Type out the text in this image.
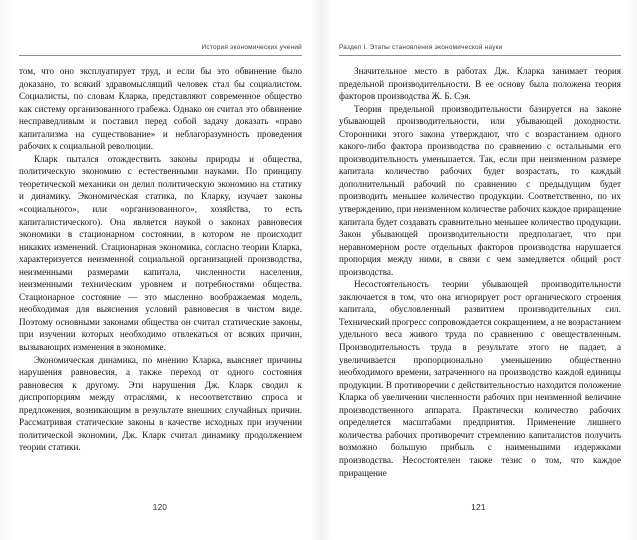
История экономических учений

том, что оно эксплуатирует труд, и если бы это обвинение было доказано, то всякий здравомыслящий человек стал бы социалистом. Социалисты, по словам Кларка, представляют современное общество как систему организованного грабежа. Однако он считал это обвинение несправедливым и поставил перед собой задачу доказать «право капитализма на существование» и неблагоразумность проведения рабочих к социальной революции.

Кларк пытался отождествить законы природы и общества, политическую экономию с естественными науками. По принципу теоретической механики он делил политическую экономию на статику и динамику. Экономическая статика, по Кларку, изучает законы «социального», или «организованного», хозяйства, то есть капиталистического). Она является наукой о законах равновесия экономики в стационарном состоянии, в котором не происходит никаких изменений. Стационарная экономика, согласно теории Кларка, характеризуется неизменной социальной организацией производства, неизменными размерами капитала, численности населения, неизменными техническим уровнем и потребностями общества. Стационарное состояние — это мысленно воображаемая модель, необходимая для выяснения условий равновесия в чистом виде. Поэтому основными законами общества он считал статические законы, при изучении которых необходимо отвлекаться от всяких причин, вызывающих изменения в экономике.

Экономическая динамика, по мнению Кларка, выясняет причины нарушения равновесия, а также переход от одного состояния равновесия к другому. Эти нарушения Дж. Кларк сводил к диспропорциям между отраслями, к несоответствию спроса и предложения, возникающим в результате внешних случайных причин. Рассматривая статические законы в качестве исходных при изучении политической экономии, Дж. Кларк считал динамику продолжением теории статики.

120
Раздел I. Этапы становления экономической науки

Значительное место в работах Дж. Кларка занимает теория предельной производительности. В ее основу была положена теория факторов производства Ж. Б. Сэя.

Теория предельной производительности базируется на законе убывающей производительности, или убывающей доходности. Сторонники этого закона утверждают, что с возрастанием одного какого-либо фактора производства по сравнению с остальными его производительность уменьшается. Так, если при неизменном размере капитала количество рабочих будет возрастать, то каждый дополнительный рабочий по сравнению с предыдущим будет производить меньшее количество продукции. Соответственно, по их утверждению, при неизменном количестве рабочих каждое приращение капитала будет создавать сравнительно меньшее количество продукции. Закон убывающей производительности предполагает, что при неравномерном росте отдельных факторов производства нарушается пропорция между ними, в связи с чем замедляется общий рост производства.

Несостоятельность теории убывающей производительности заключается в том, что она игнорирует рост органического строения капитала, обусловленный развитием производительных сил. Технический прогресс сопровождается сокращением, а не возрастанием удельного веса живого труда по сравнению с овеществленным. Производительность труда в результате этого не падает, а увеличивается пропорционально уменьшению общественно необходимого времени, затраченного на производство каждой единицы продукции. В противоречии с действительностью находится положение Кларка об увеличении численности рабочих при неизменной величине производственного аппарата. Практически количество рабочих определяется масштабами предприятия. Применение лишнего количества рабочих противоречит стремлению капиталистов получить возможно большую прибыль с наименьшими издержками производства. Несостоятелен также тезис о том, что каждое приращение

121
